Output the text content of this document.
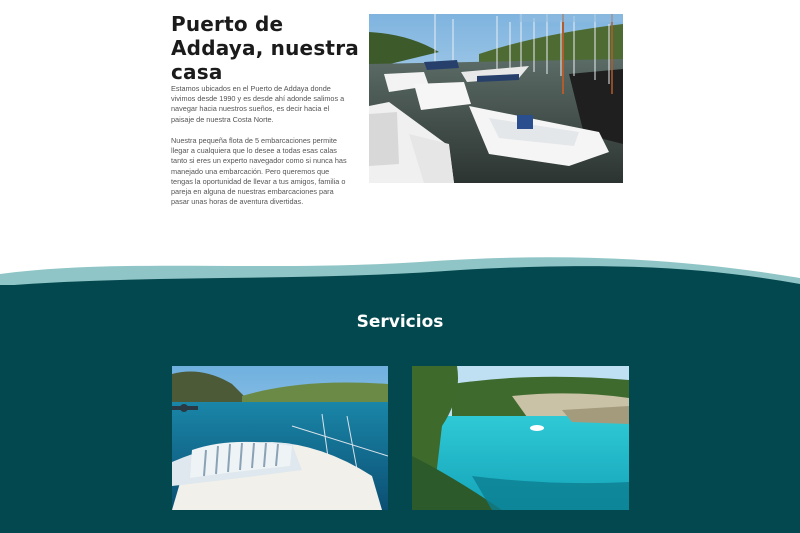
Puerto de Addaya, nuestra casa

Estamos ubicados en el Puerto de Addaya donde vivimos desde 1990 y es desde ahí adonde salimos a navegar hacia nuestros sueños, es decir hacia el paisaje de nuestra Costa Norte.

Nuestra pequeña flota de 5 embarcaciones permite llegar a cualquiera que lo desee a todas esas calas tanto si eres un experto navegador como si nunca has manejado una embarcación. Pero queremos que tengas la oportunidad de llevar a tus amigos, familia o pareja en alguna de nuestras embarcaciones para pasar unas horas de aventura divertidas.

Servicios
